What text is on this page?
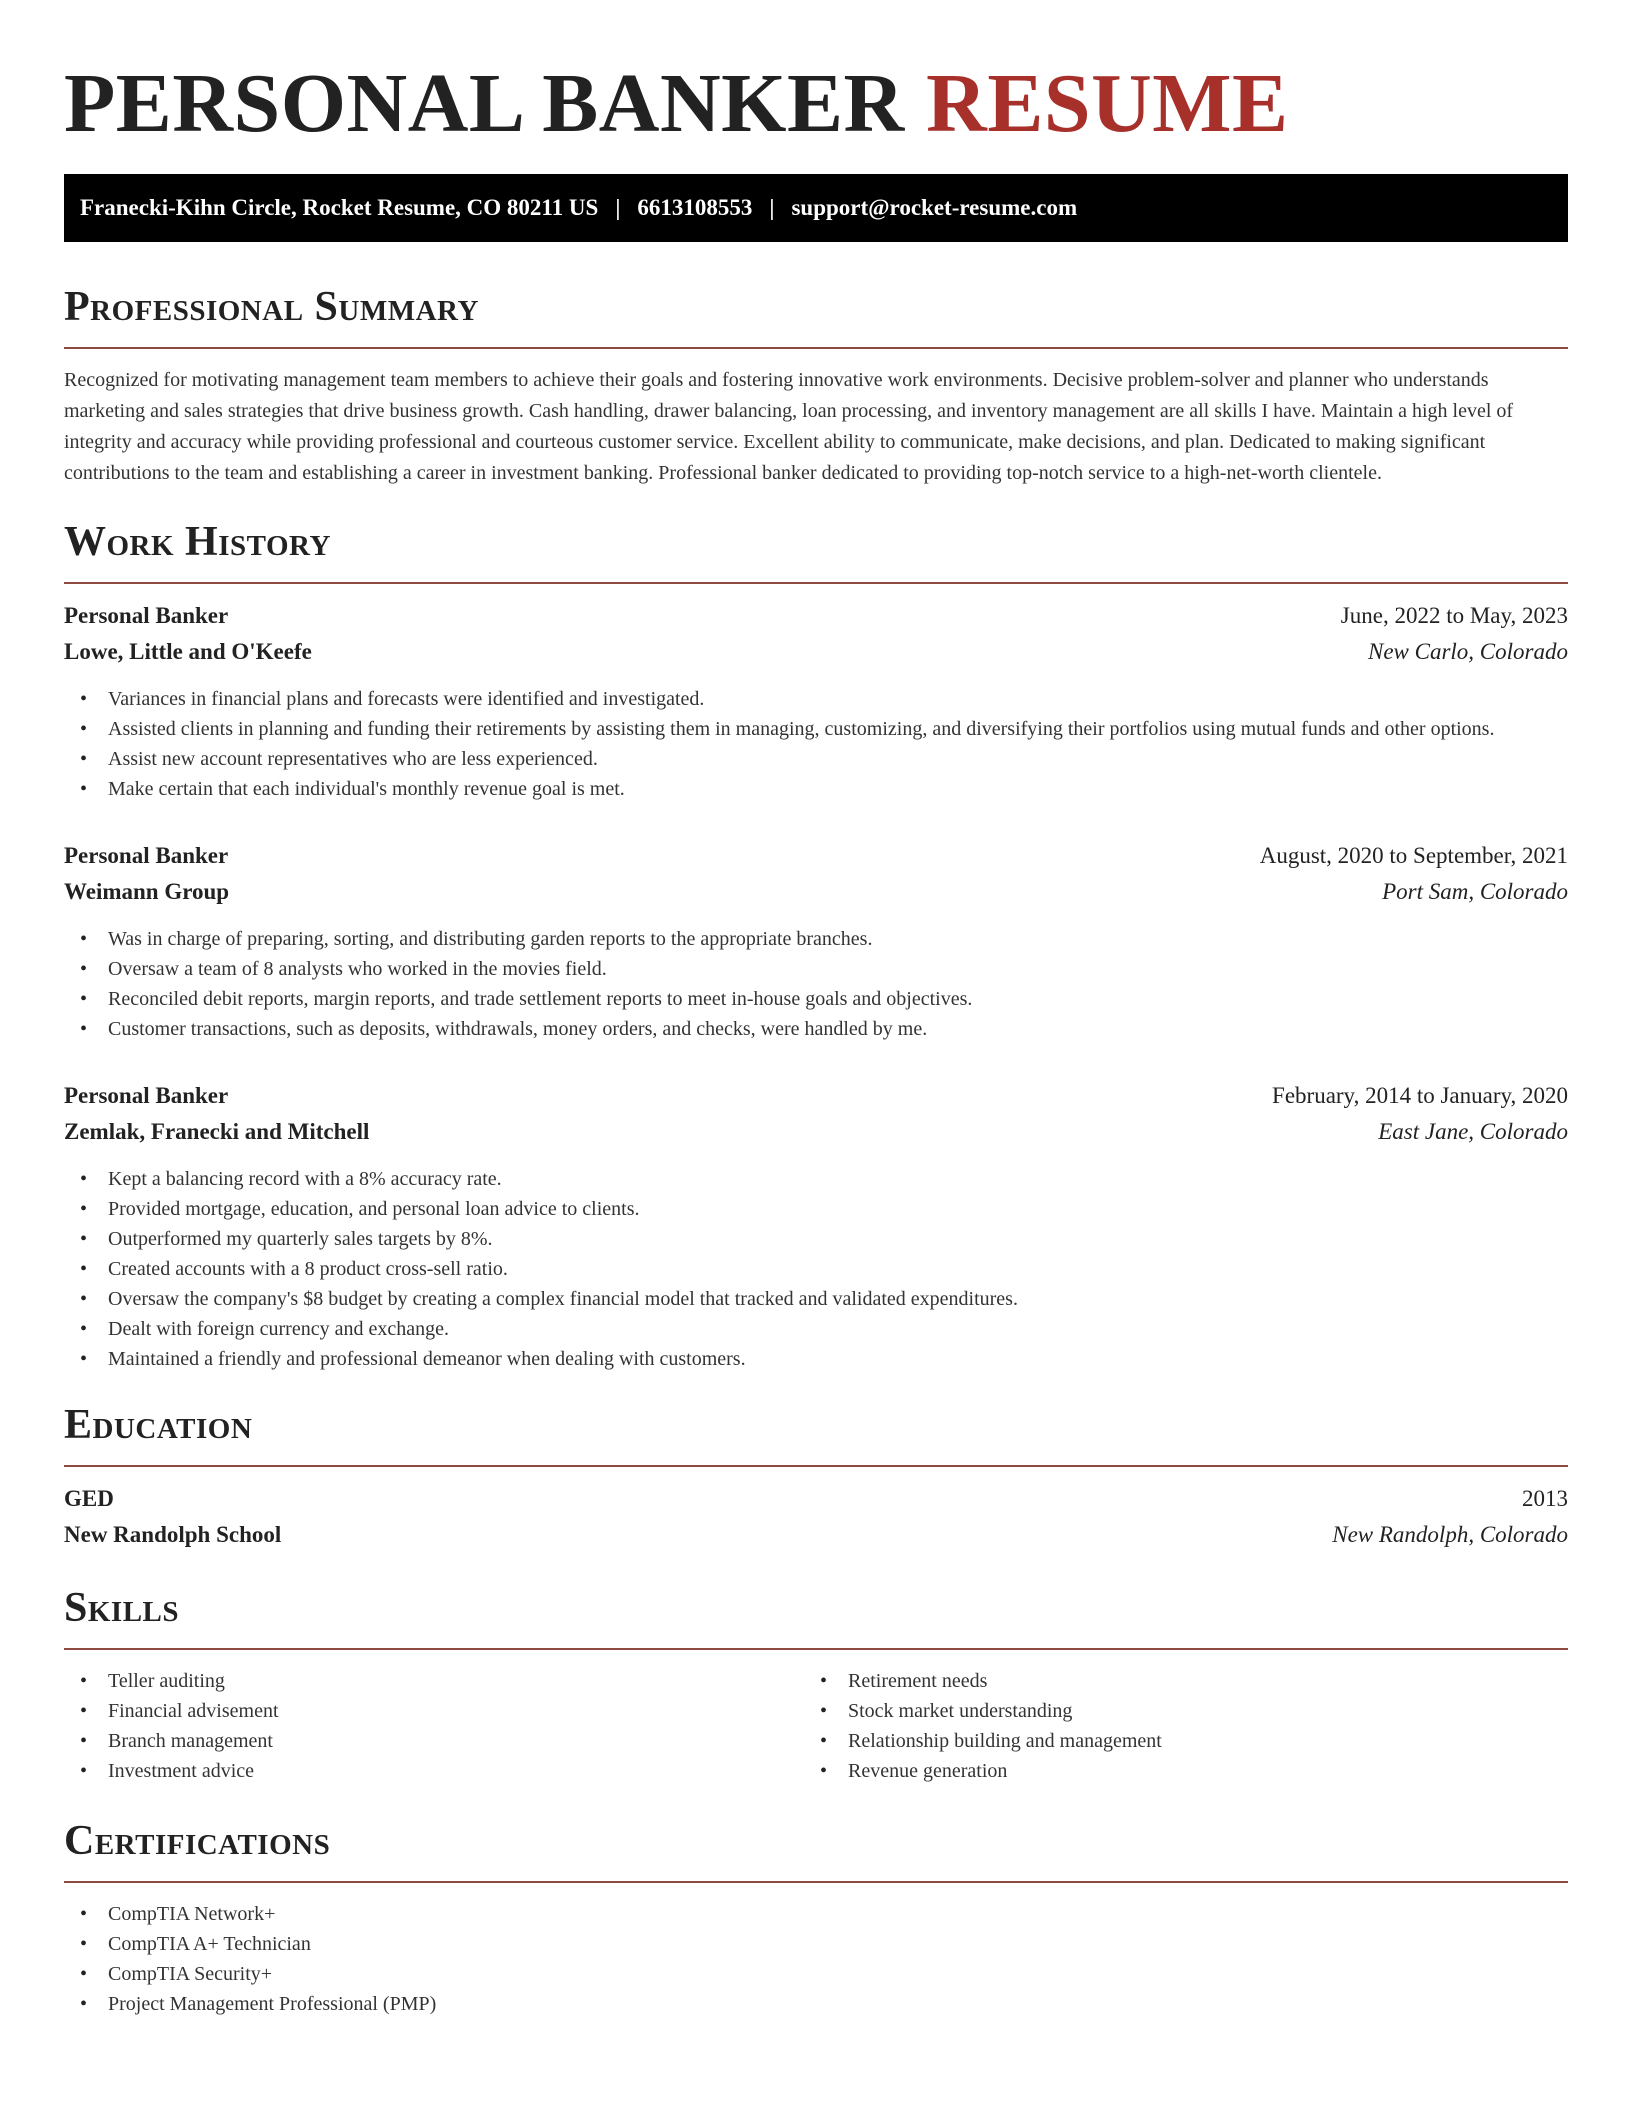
PERSONAL BANKER RESUME
Franecki-Kihn Circle, Rocket Resume, CO 80211 US | 6613108553 | support@rocket-resume.com
Professional Summary

Recognized for motivating management team members to achieve their goals and fostering innovative work environments. Decisive problem-solver and planner who understands marketing and sales strategies that drive business growth. Cash handling, drawer balancing, loan processing, and inventory management are all skills I have. Maintain a high level of integrity and accuracy while providing professional and courteous customer service. Excellent ability to communicate, make decisions, and plan. Dedicated to making significant contributions to the team and establishing a career in investment banking. Professional banker dedicated to providing top-notch service to a high-net-worth clientele.

Work History
Personal Banker	June, 2022 to May, 2023
Lowe, Little and O'Keefe	New Carlo, Colorado
• Variances in financial plans and forecasts were identified and investigated.
• Assisted clients in planning and funding their retirements by assisting them in managing, customizing, and diversifying their portfolios using mutual funds and other options.
• Assist new account representatives who are less experienced.
• Make certain that each individual's monthly revenue goal is met.
Personal Banker	August, 2020 to September, 2021
Weimann Group	Port Sam, Colorado
• Was in charge of preparing, sorting, and distributing garden reports to the appropriate branches.
• Oversaw a team of 8 analysts who worked in the movies field.
• Reconciled debit reports, margin reports, and trade settlement reports to meet in-house goals and objectives.
• Customer transactions, such as deposits, withdrawals, money orders, and checks, were handled by me.
Personal Banker	February, 2014 to January, 2020
Zemlak, Franecki and Mitchell	East Jane, Colorado
• Kept a balancing record with a 8% accuracy rate.
• Provided mortgage, education, and personal loan advice to clients.
• Outperformed my quarterly sales targets by 8%.
• Created accounts with a 8 product cross-sell ratio.
• Oversaw the company's $8 budget by creating a complex financial model that tracked and validated expenditures.
• Dealt with foreign currency and exchange.
• Maintained a friendly and professional demeanor when dealing with customers.
Education
GED	2013
New Randolph School	New Randolph, Colorado
Skills
• Teller auditing
• Financial advisement
• Branch management
• Investment advice
• Retirement needs
• Stock market understanding
• Relationship building and management
• Revenue generation
Certifications
• CompTIA Network+
• CompTIA A+ Technician
• CompTIA Security+
• Project Management Professional (PMP)
